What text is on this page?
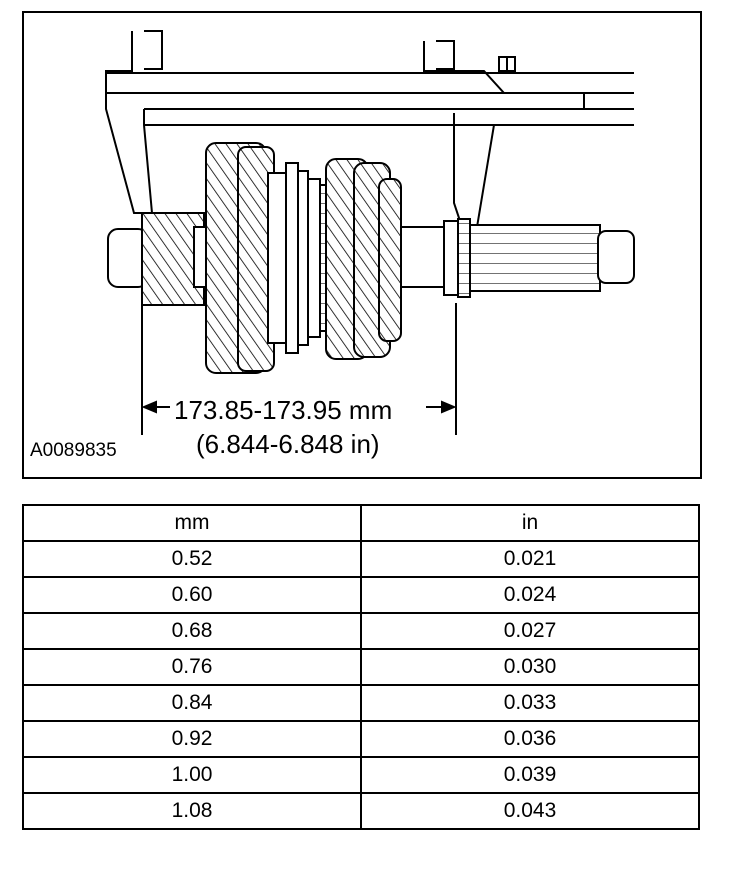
173.85-173.95 mm
(6.844-6.848 in)
A0089835
mm	in
0.52	0.021
0.60	0.024
0.68	0.027
0.76	0.030
0.84	0.033
0.92	0.036
1.00	0.039
1.08	0.043
